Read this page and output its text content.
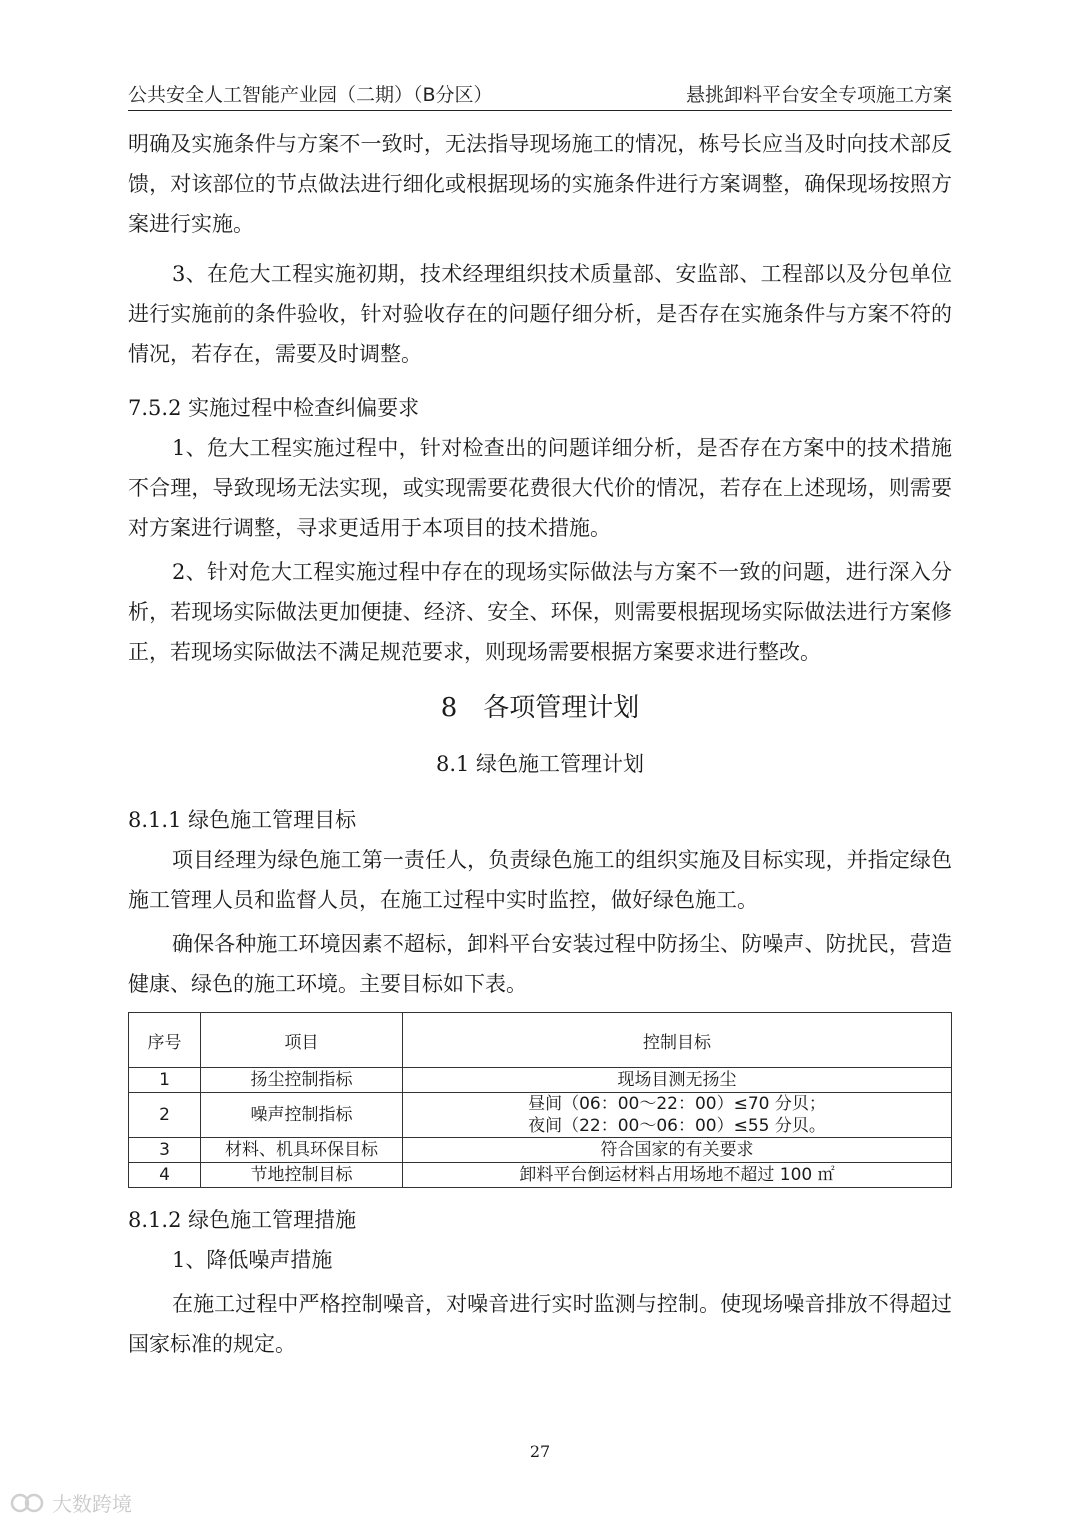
公共安全人工智能产业园（二期）（B分区）	悬挑卸料平台安全专项施工方案

明确及实施条件与方案不一致时，无法指导现场施工的情况，栋号长应当及时向技术部反馈，对该部位的节点做法进行细化或根据现场的实施条件进行方案调整，确保现场按照方案进行实施。

3、在危大工程实施初期，技术经理组织技术质量部、安监部、工程部以及分包单位进行实施前的条件验收，针对验收存在的问题仔细分析，是否存在实施条件与方案不符的情况，若存在，需要及时调整。

7.5.2 实施过程中检查纠偏要求

1、危大工程实施过程中，针对检查出的问题详细分析，是否存在方案中的技术措施不合理，导致现场无法实现，或实现需要花费很大代价的情况，若存在上述现场，则需要对方案进行调整，寻求更适用于本项目的技术措施。

2、针对危大工程实施过程中存在的现场实际做法与方案不一致的问题，进行深入分析，若现场实际做法更加便捷、经济、安全、环保，则需要根据现场实际做法进行方案修正，若现场实际做法不满足规范要求，则现场需要根据方案要求进行整改。

8　各项管理计划

8.1 绿色施工管理计划

8.1.1 绿色施工管理目标

项目经理为绿色施工第一责任人，负责绿色施工的组织实施及目标实现，并指定绿色施工管理人员和监督人员，在施工过程中实时监控，做好绿色施工。

确保各种施工环境因素不超标，卸料平台安装过程中防扬尘、防噪声、防扰民，营造健康、绿色的施工环境。主要目标如下表。

序号	项目	控制目标
1	扬尘控制指标	现场目测无扬尘
2	噪声控制指标	昼间（06：00～22：00）≤70 分贝；
夜间（22：00～06：00）≤55 分贝。

3	材料、机具环保目标	符合国家的有关要求
4	节地控制目标	卸料平台倒运材料占用场地不超过 100 ㎡

8.1.2 绿色施工管理措施

1、降低噪声措施

在施工过程中严格控制噪音，对噪音进行实时监测与控制。使现场噪音排放不得超过国家标准的规定。

27
大数跨境
